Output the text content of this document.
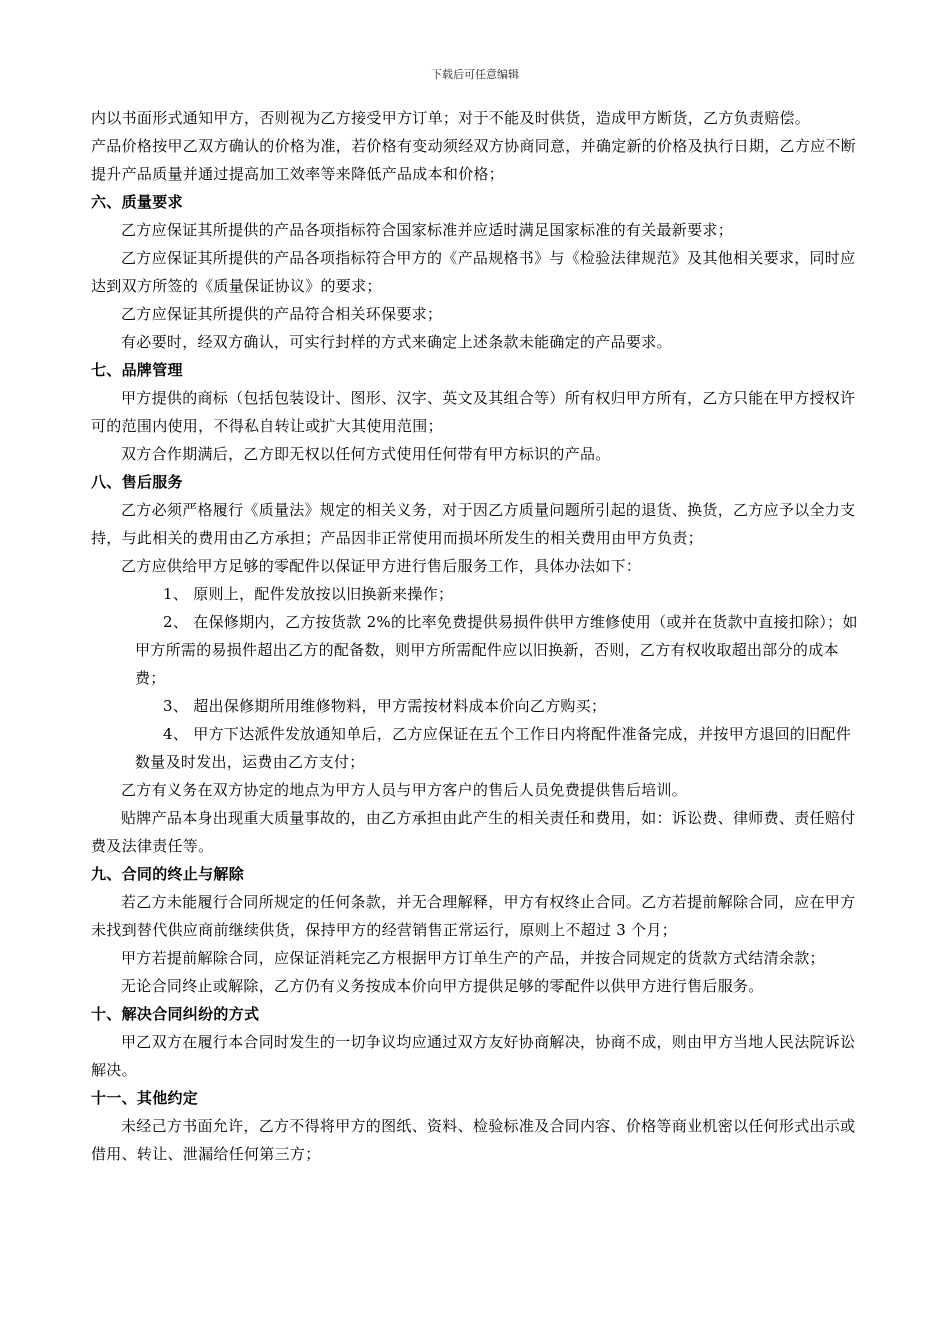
下载后可任意编辑

内以书面形式通知甲方，否则视为乙方接受甲方订单；对于不能及时供货，造成甲方断货，乙方负责赔偿。

产品价格按甲乙双方确认的价格为准，若价格有变动须经双方协商同意，并确定新的价格及执行日期，乙方应不断提升产品质量并通过提高加工效率等来降低产品成本和价格；

六、质量要求

乙方应保证其所提供的产品各项指标符合国家标准并应适时满足国家标准的有关最新要求；

乙方应保证其所提供的产品各项指标符合甲方的《产品规格书》与《检验法律规范》及其他相关要求，同时应达到双方所签的《质量保证协议》的要求；

乙方应保证其所提供的产品符合相关环保要求；

有必要时，经双方确认，可实行封样的方式来确定上述条款未能确定的产品要求。

七、品牌管理

甲方提供的商标（包括包装设计、图形、汉字、英文及其组合等）所有权归甲方所有，乙方只能在甲方授权许可的范围内使用，不得私自转让或扩大其使用范围；

双方合作期满后，乙方即无权以任何方式使用任何带有甲方标识的产品。

八、售后服务

乙方必须严格履行《质量法》规定的相关义务，对于因乙方质量问题所引起的退货、换货，乙方应予以全力支持，与此相关的费用由乙方承担；产品因非正常使用而损坏所发生的相关费用由甲方负责；

乙方应供给甲方足够的零配件以保证甲方进行售后服务工作，具体办法如下：

1、 原则上，配件发放按以旧换新来操作；

2、 在保修期内，乙方按货款 2%的比率免费提供易损件供甲方维修使用（或并在货款中直接扣除）；如甲方所需的易损件超出乙方的配备数，则甲方所需配件应以旧换新，否则，乙方有权收取超出部分的成本费；

3、 超出保修期所用维修物料，甲方需按材料成本价向乙方购买；

4、 甲方下达派件发放通知单后，乙方应保证在五个工作日内将配件准备完成，并按甲方退回的旧配件数量及时发出，运费由乙方支付；

乙方有义务在双方协定的地点为甲方人员与甲方客户的售后人员免费提供售后培训。

贴牌产品本身出现重大质量事故的，由乙方承担由此产生的相关责任和费用，如：诉讼费、律师费、责任赔付费及法律责任等。

九、合同的终止与解除

若乙方未能履行合同所规定的任何条款，并无合理解释，甲方有权终止合同。乙方若提前解除合同，应在甲方未找到替代供应商前继续供货，保持甲方的经营销售正常运行，原则上不超过 3 个月；

甲方若提前解除合同，应保证消耗完乙方根据甲方订单生产的产品，并按合同规定的货款方式结清余款；

无论合同终止或解除，乙方仍有义务按成本价向甲方提供足够的零配件以供甲方进行售后服务。

十、解决合同纠纷的方式

甲乙双方在履行本合同时发生的一切争议均应通过双方友好协商解决，协商不成，则由甲方当地人民法院诉讼解决。

十一、其他约定

未经己方书面允许，乙方不得将甲方的图纸、资料、检验标准及合同内容、价格等商业机密以任何形式出示或借用、转让、泄漏给任何第三方；
